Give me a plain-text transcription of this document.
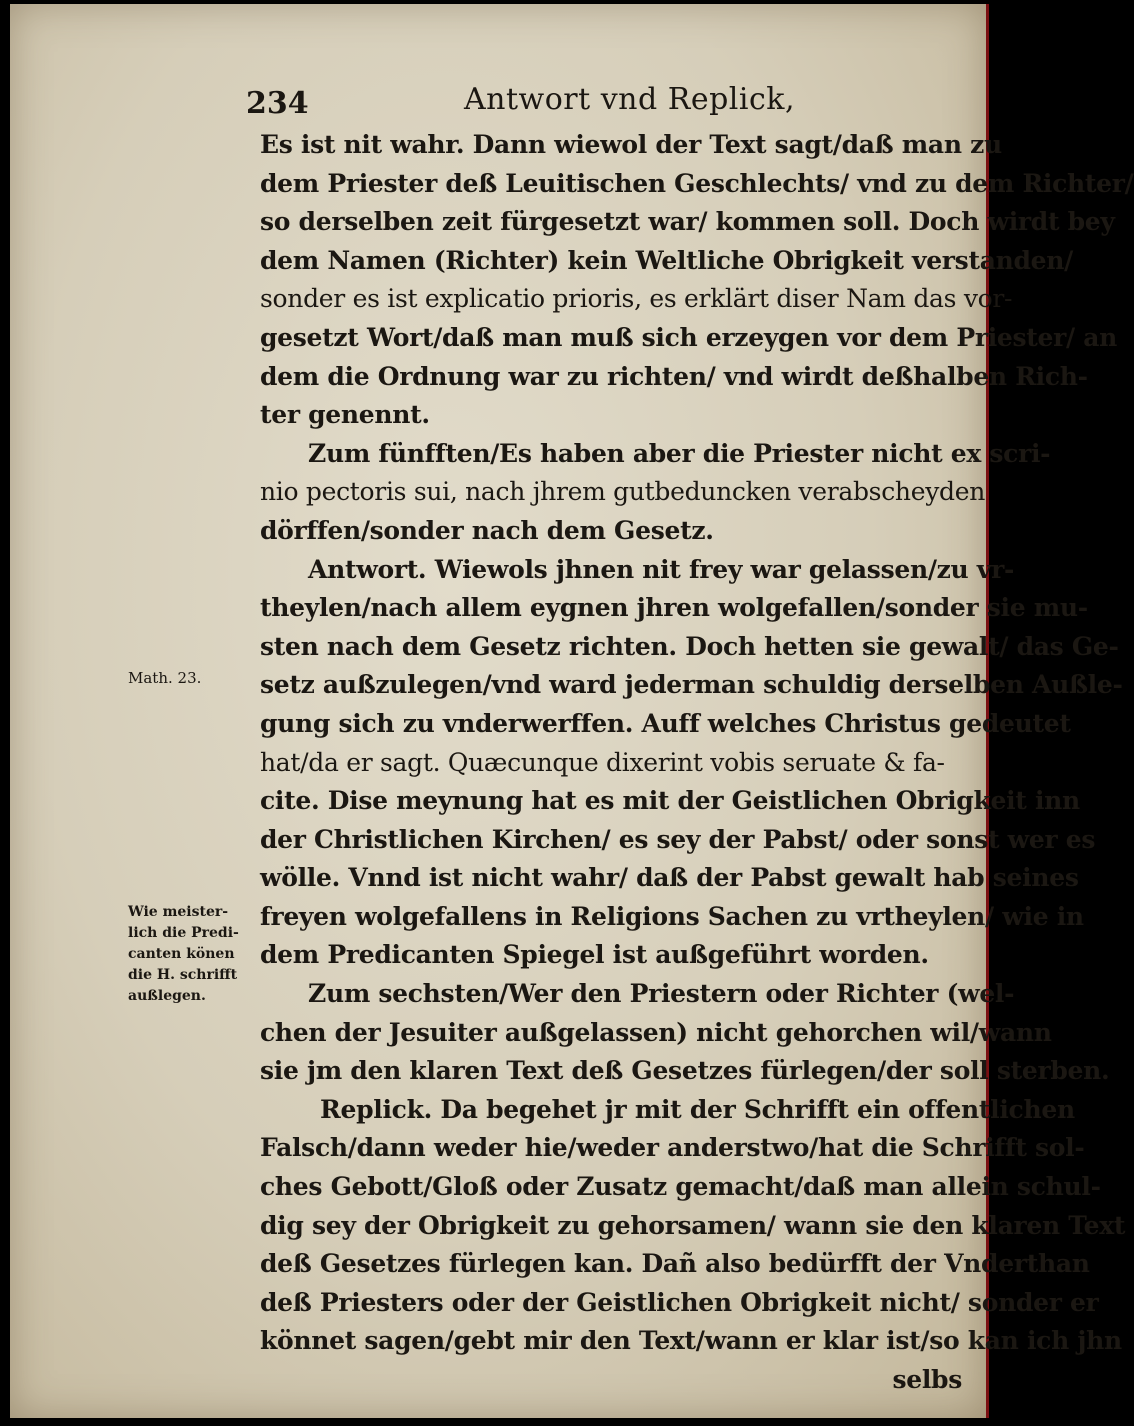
234	Antwort vnd Replick,
Math. 23.
Wie meister-
lich die Predi-
canten könen
die H. schrifft
außlegen.
Es ist nit wahr. Dann wiewol der Text sagt/daß man zu
dem Priester deß Leuitischen Geschlechts/ vnd zu dem Richter/
so derselben zeit fürgesetzt war/ kommen soll. Doch wirdt bey
dem Namen (Richter) kein Weltliche Obrigkeit verstanden/
sonder es ist explicatio prioris, es erklärt diser Nam das vor-
gesetzt Wort/daß man muß sich erzeygen vor dem Priester/ an
dem die Ordnung war zu richten/ vnd wirdt deßhalben Rich-
ter genennt.
Zum fünfften/Es haben aber die Priester nicht ex scri-
nio pectoris sui, nach jhrem gutbeduncken verabscheyden
dörffen/sonder nach dem Gesetz.
Antwort. Wiewols jhnen nit frey war gelassen/zu vr-
theylen/nach allem eygnen jhren wolgefallen/sonder sie mu-
sten nach dem Gesetz richten. Doch hetten sie gewalt/ das Ge-
setz außzulegen/vnd ward jederman schuldig derselben Außle-
gung sich zu vnderwerffen. Auff welches Christus gedeutet
hat/da er sagt. Quæcunque dixerint vobis seruate & fa-
cite. Dise meynung hat es mit der Geistlichen Obrigkeit inn
der Christlichen Kirchen/ es sey der Pabst/ oder sonst wer es
wölle. Vnnd ist nicht wahr/ daß der Pabst gewalt hab seines
freyen wolgefallens in Religions Sachen zu vrtheylen/ wie in
dem Predicanten Spiegel ist außgeführt worden.
Zum sechsten/Wer den Priestern oder Richter (wel-
chen der Jesuiter außgelassen) nicht gehorchen wil/wann
sie jm den klaren Text deß Gesetzes fürlegen/der soll sterben.
Replick. Da begehet jr mit der Schrifft ein offentlichen
Falsch/dann weder hie/weder anderstwo/hat die Schrifft sol-
ches Gebott/Gloß oder Zusatz gemacht/daß man allein schul-
dig sey der Obrigkeit zu gehorsamen/ wann sie den klaren Text
deß Gesetzes fürlegen kan. Dañ also bedürfft der Vnderthan
deß Priesters oder der Geistlichen Obrigkeit nicht/ sonder er
könnet sagen/gebt mir den Text/wann er klar ist/so kan ich jhn
selbs
